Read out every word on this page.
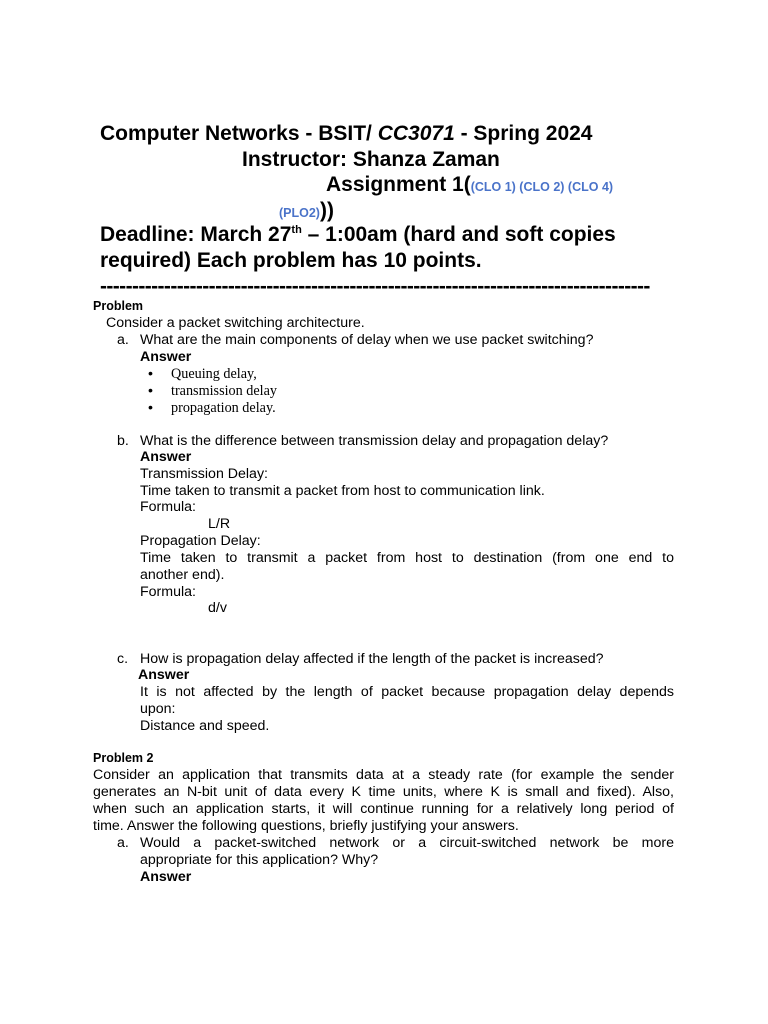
Computer Networks - BSIT/ CC3071 - Spring 2024
Instructor: Shanza Zaman
Assignment 1((CLO 1) (CLO 2) (CLO 4)
(PLO2)))
Deadline: March 27th – 1:00am (hard and soft copies
required) Each problem has 10 points.
--------------------------------------------------------------------------------------
Problem
Consider a packet switching architecture.
a. What are the main components of delay when we use packet switching?
Answer
• Queuing delay,
• transmission delay
• propagation delay.
b. What is the difference between transmission delay and propagation delay?
Answer
Transmission Delay:
Time taken to transmit a packet from host to communication link.
Formula:
L/R
Propagation Delay:
Time taken to transmit a packet from host to destination (from one end to
another end).
Formula:
d/v
c. How is propagation delay affected if the length of the packet is increased?
Answer
It is not affected by the length of packet because propagation delay depends
upon:
Distance and speed.
Problem 2
Consider an application that transmits data at a steady rate (for example the sender
generates an N-bit unit of data every K time units, where K is small and fixed). Also,
when such an application starts, it will continue running for a relatively long period of
time. Answer the following questions, briefly justifying your answers.
a. Would a packet-switched network or a circuit-switched network be more
appropriate for this application? Why?
Answer
